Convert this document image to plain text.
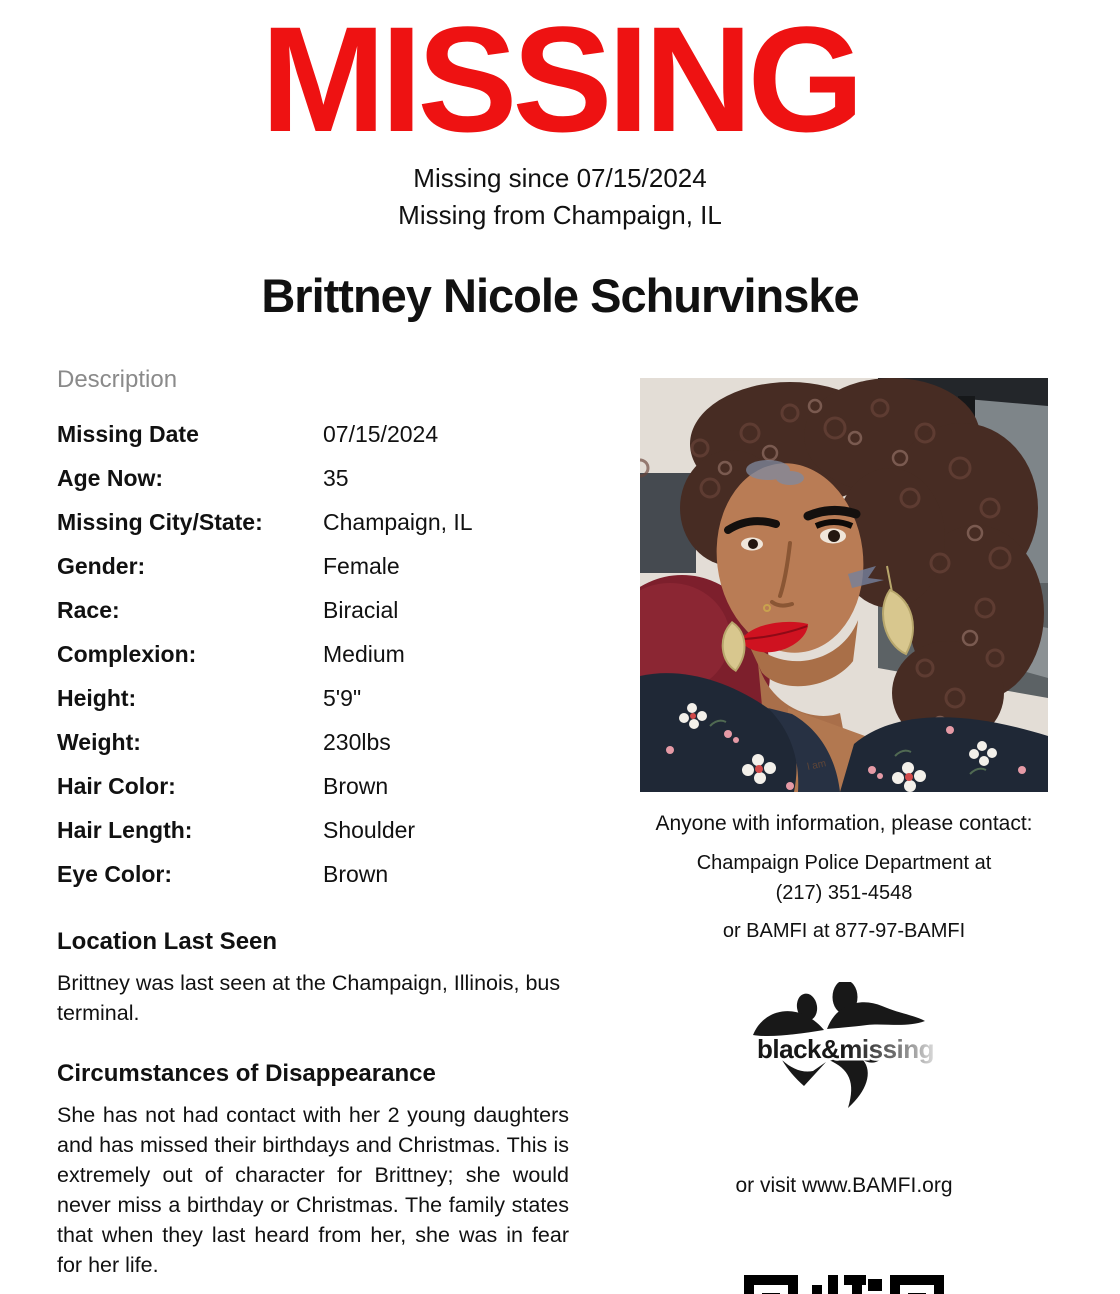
MISSING
Missing since 07/15/2024
Missing from Champaign, IL
Brittney Nicole Schurvinske
Description
Missing Date	07/15/2024
Age Now:	35
Missing City/State:	Champaign, IL
Gender:	Female
Race:	Biracial
Complexion:	Medium
Height:	5'9"
Weight:	230lbs
Hair Color:	Brown
Hair Length:	Shoulder
Eye Color:	Brown
Location Last Seen
Brittney was last seen at the Champaign, Illinois, bus terminal.
Circumstances of Disappearance
She has not had contact with her 2 young daughters and has missed their birthdays and Christmas. This is extremely out of character for Brittney; she would never miss a birthday or Christmas. The family states that when they last heard from her, she was in fear for her life.
l am
Anyone with information, please contact:
Champaign Police Department at
(217) 351-4548
or BAMFI at 877-97-BAMFI
black&missing
or visit www.BAMFI.org
